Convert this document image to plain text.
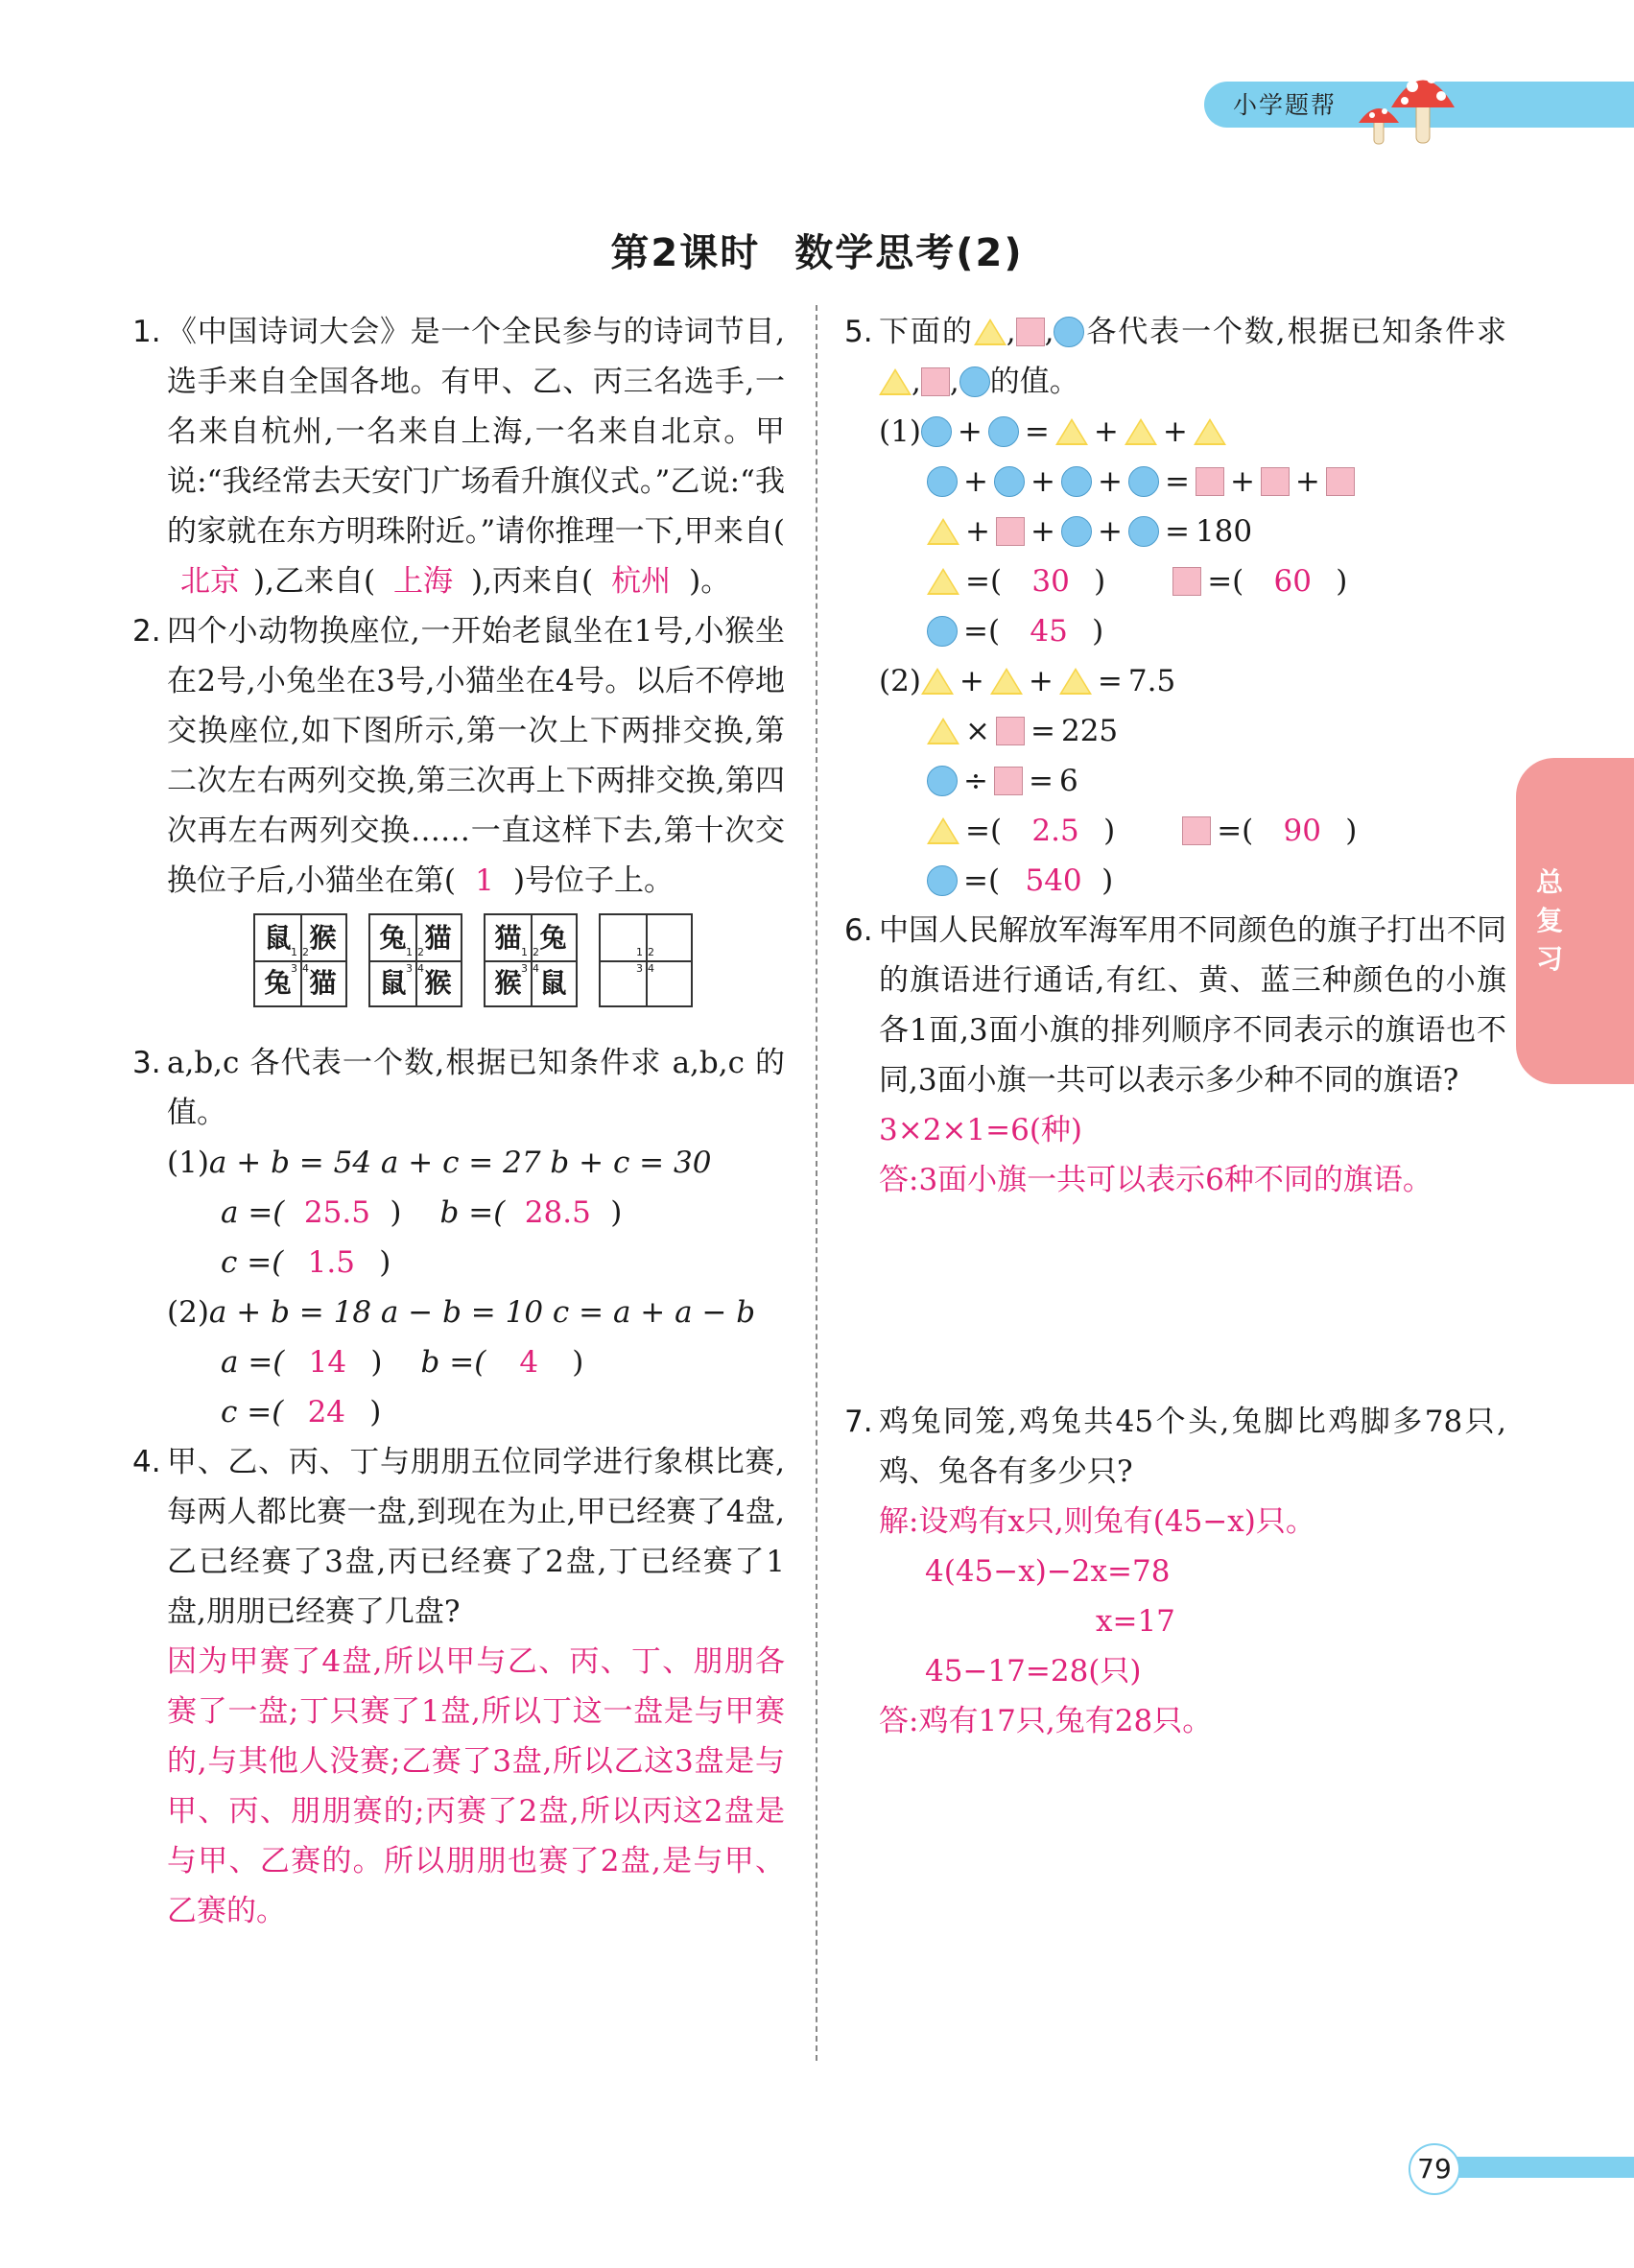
小学题帮
第2课时 数学思考(2)
总复习
1. 《中国诗词大会》是一个全民参与的诗词节目,选手来自全国各地。有甲、乙、丙三名选手,一名来自杭州,一名来自上海,一名来自北京。甲说:“我经常去天安门广场看升旗仪式。”乙说:“我的家就在东方明珠附近。”请你推理一下,甲来自(北京 ),乙来自( 上海 ),丙来自( 杭州 )。
2. 四个小动物换座位,一开始老鼠坐在1号,小猴坐在2号,小兔坐在3号,小猫坐在4号。以后不停地交换座位,如下图所示,第一次上下两排交换,第二次左右两列交换,第三次再上下两排交换,第四次再左右两列交换……一直这样下去,第十次交换位子后,小猫坐在第( 1 )号位子上。
鼠 猴
兔 猫
1 2
3 4
兔 猫
鼠 猴
1 2
3 4
猫 兔
猴 鼠
1 2
3 4
1 2
3 4
3. a,b,c 各代表一个数,根据已知条件求 a,b,c 的值。
(1)a + b = 54 a + c = 27 b + c = 30
a =( 25.5 ) b =( 28.5 )
c =( 1.5 )
(2)a + b = 18 a − b = 10 c = a + a − b
a =( 14 ) b =( 4 )
c =( 24 )
4. 甲、乙、丙、丁与朋朋五位同学进行象棋比赛,每两人都比赛一盘,到现在为止,甲已经赛了4盘,乙已经赛了3盘,丙已经赛了2盘,丁已经赛了1盘,朋朋已经赛了几盘?
因为甲赛了4盘,所以甲与乙、丙、丁、朋朋各赛了一盘;丁只赛了1盘,所以丁这一盘是与甲赛的,与其他人没赛;乙赛了3盘,所以乙这3盘是与甲、丙、朋朋赛的;丙赛了2盘,所以丙这2盘是与甲、乙赛的。所以朋朋也赛了2盘,是与甲、乙赛的。
5. 下面的 , , 各代表一个数,根据已知条件求, , 的值。
(1) + = + +
+ + + = + +
+ + + = 180
=( 30 )	=( 60 )
=( 45 )
(2) + + = 7.5
× = 225
÷ = 6
=( 2.5 )	=( 90 )
=( 540 )
6. 中国人民解放军海军用不同颜色的旗子打出不同的旗语进行通话,有红、黄、蓝三种颜色的小旗各1面,3面小旗的排列顺序不同表示的旗语也不同,3面小旗一共可以表示多少种不同的旗语?
3×2×1=6(种)
答:3面小旗一共可以表示6种不同的旗语。
7. 鸡兔同笼,鸡兔共45个头,兔脚比鸡脚多78只,鸡、兔各有多少只?
解:设鸡有x只,则兔有(45−x)只。
4(45−x)−2x=78
x=17
45−17=28(只)
答:鸡有17只,兔有28只。
79
